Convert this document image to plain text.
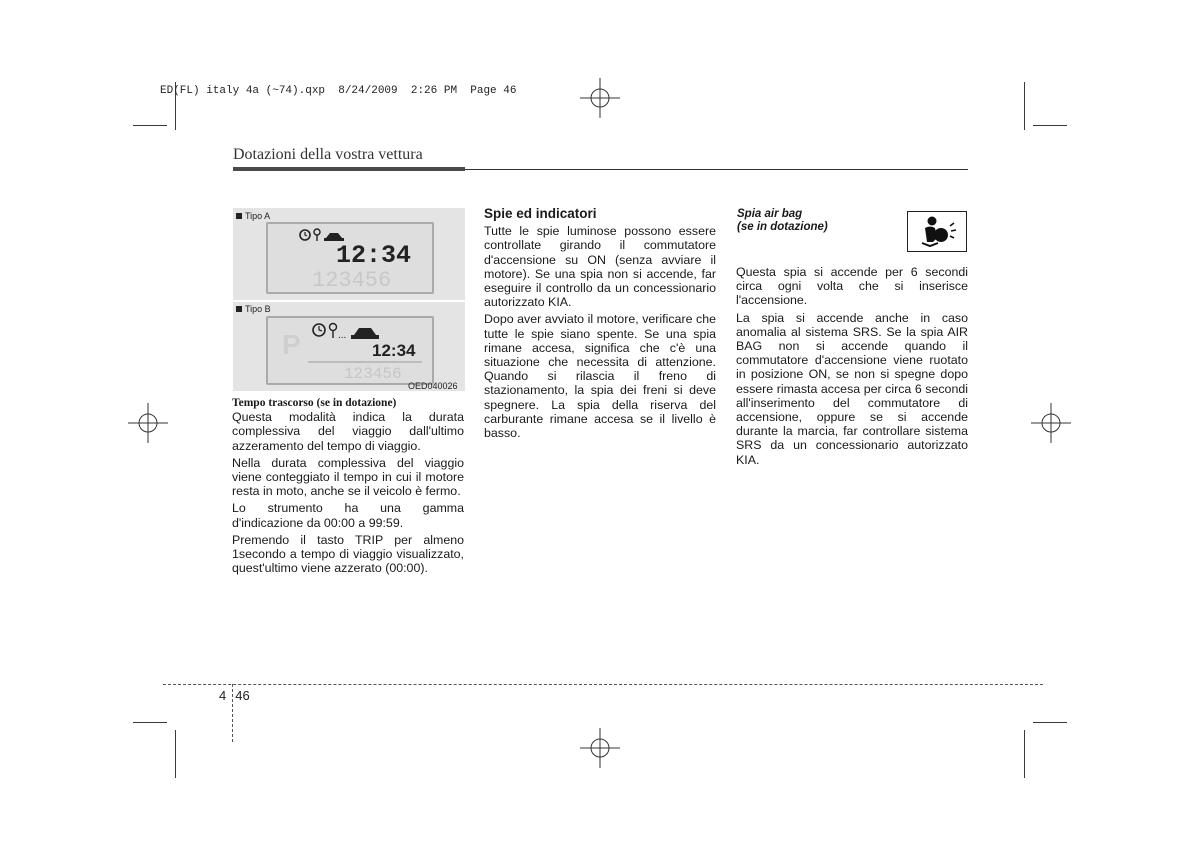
ED(FL) italy 4a (~74).qxp  8/24/2009  2:26 PM  Page 46
Dotazioni della vostra vettura
Tipo A
12:34
123456
Tipo B
P	...
12:34
123456
OED040026
Tempo trascorso (se in dotazione)

Questa modalità indica la durata complessiva del viaggio dall'ultimo azzeramento del tempo di viaggio.

Nella durata complessiva del viaggio viene conteggiato il tempo in cui il motore resta in moto, anche se il veicolo è fermo.

Lo strumento ha una gamma d'indicazione da 00:00 a 99:59.

Premendo il tasto TRIP per almeno 1secondo a tempo di viaggio visualizzato, quest'ultimo viene azzerato (00:00).

Spie ed indicatori

Tutte le spie luminose possono essere controllate girando il commutatore d'accensione su ON (senza avviare il motore). Se una spia non si accende, far eseguire il controllo da un concessionario autorizzato KIA.

Dopo aver avviato il motore, verificare che tutte le spie siano spente. Se una spia rimane accesa, significa che c'è una situazione che necessita di attenzione. Quando si rilascia il freno di stazionamento, la spia dei freni si deve spegnere. La spia della riserva del carburante rimane accesa se il livello è basso.

Spia air bag
(se in dotazione)

Questa spia si accende per 6 secondi circa ogni volta che si inserisce l'accensione.

La spia si accende anche in caso anomalia al sistema SRS. Se la spia AIR BAG non si accende quando il commutatore d'accensione viene ruotato in posizione ON, se non si spegne dopo essere rimasta accesa per circa 6 secondi all'inserimento del commutatore di accensione, oppure se si accende durante la marcia, far controllare sistema SRS da un concessionario autorizzato KIA.

4 46
